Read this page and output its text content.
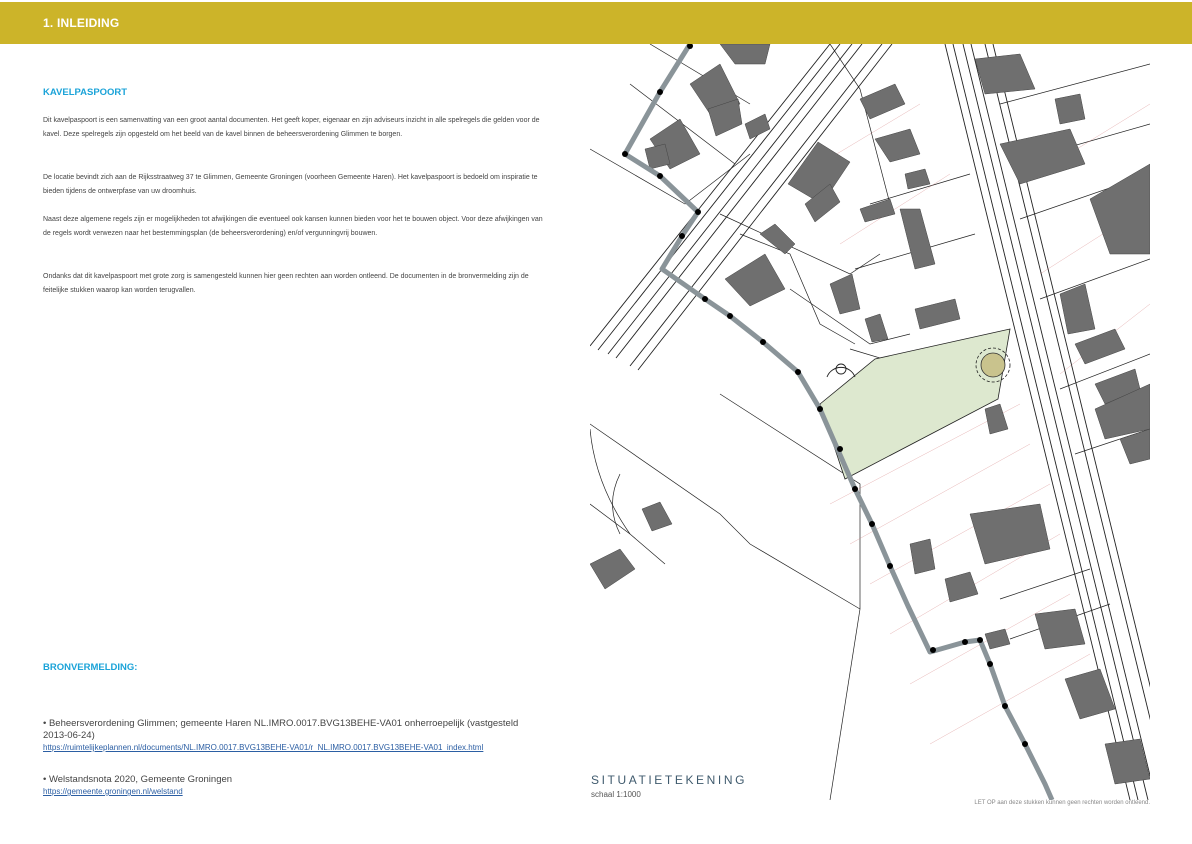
1. INLEIDING
KAVELPASPOORT
Dit kavelpaspoort is een samenvatting van een groot aantal documenten. Het geeft koper, eigenaar en zijn adviseurs inzicht in alle spelregels die gelden voor de kavel. Deze spelregels zijn opgesteld om het beeld van de kavel binnen de beheersverordening Glimmen te borgen.
De locatie bevindt zich aan de Rijksstraatweg 37 te Glimmen, Gemeente Groningen (voorheen Gemeente Haren). Het kavelpaspoort is bedoeld om inspiratie te bieden tijdens de ontwerpfase van uw droomhuis.
Naast deze algemene regels zijn er mogelijkheden tot afwijkingen die eventueel ook kansen kunnen bieden voor het te bouwen object. Voor deze afwijkingen van de regels wordt verwezen naar het bestemmingsplan (de beheersverordening) en/of vergunningvrij bouwen.
Ondanks dat dit kavelpaspoort met grote zorg is samengesteld kunnen hier geen rechten aan worden ontleend. De documenten in de bronvermelding zijn de feitelijke stukken waarop kan worden terugvallen.
BRONVERMELDING:
• Beheersverordening Glimmen; gemeente Haren NL.IMRO.0017.BVG13BEHE-VA01 onherroepelijk (vastgesteld 2013-06-24)
https://ruimtelijkeplannen.nl/documents/NL.IMRO.0017.BVG13BEHE-VA01/r_NL.IMRO.0017.BVG13BEHE-VA01_index.html
• Welstandsnota 2020, Gemeente Groningen
https://gemeente.groningen.nl/welstand
SITUATIETEKENING
schaal 1:1000
LET OP aan deze stukken kunnen geen rechten worden ontleend.
